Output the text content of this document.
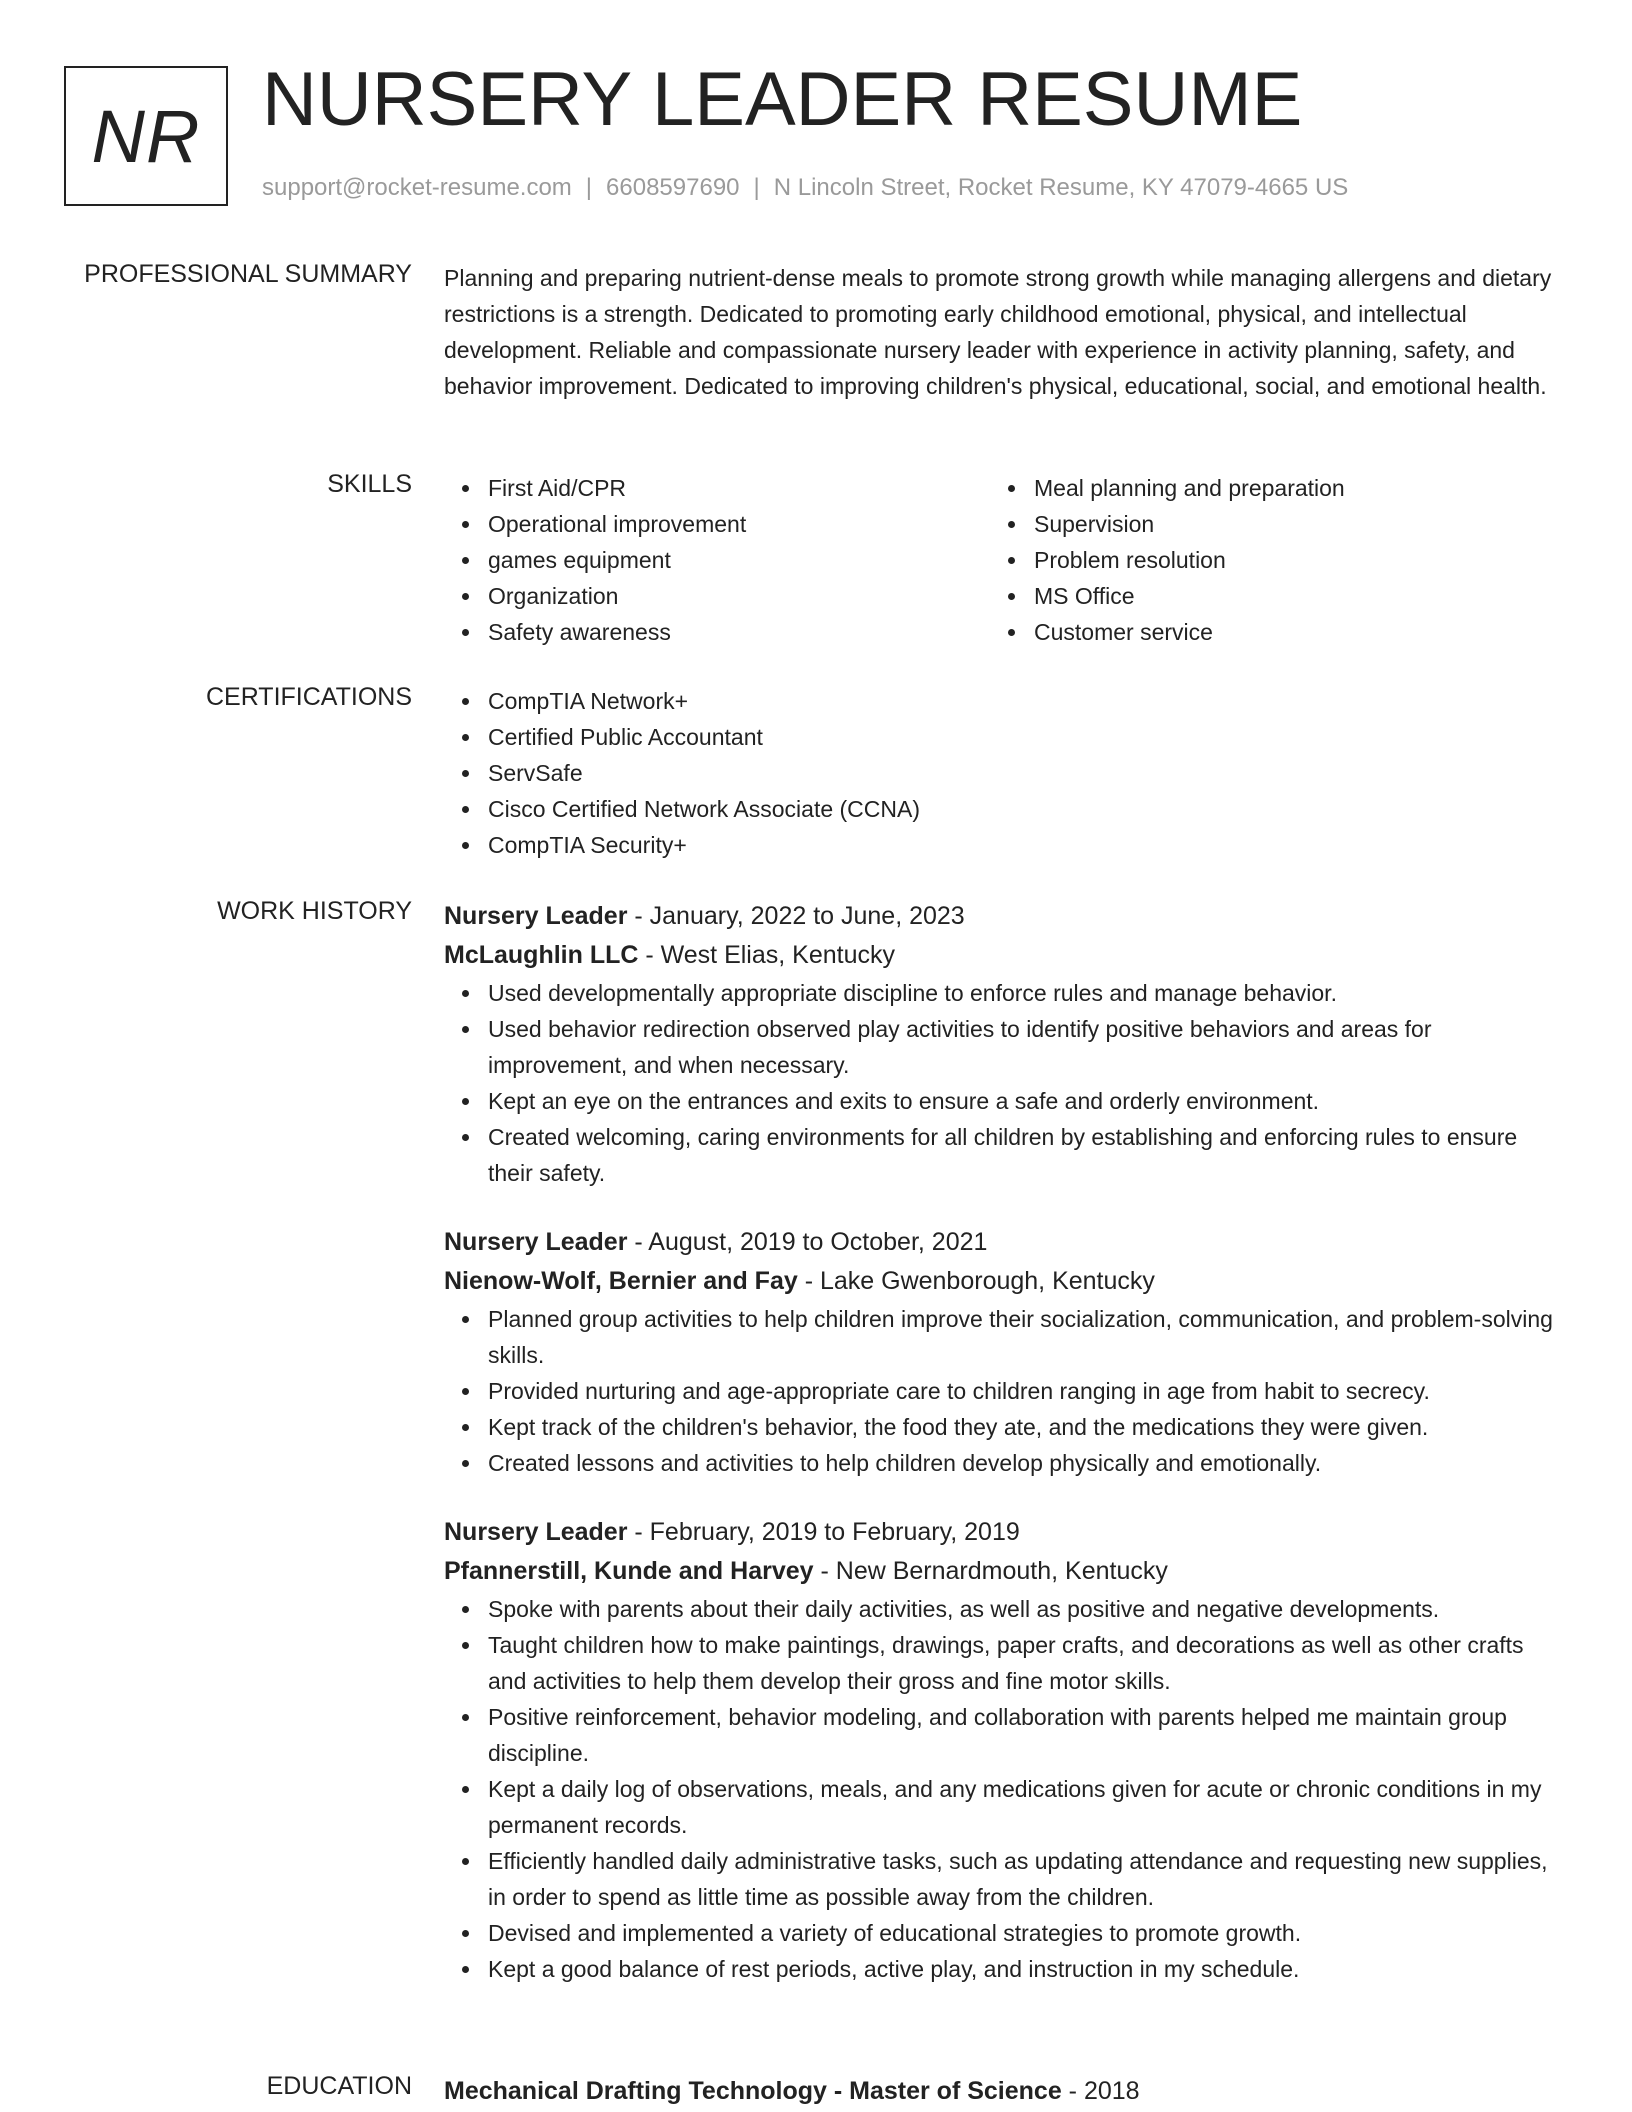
NR NURSERY LEADER RESUME
support@rocket-resume.com | 6608597690 | N Lincoln Street, Rocket Resume, KY 47079-4665 US
PROFESSIONAL SUMMARY Planning and preparing nutrient-dense meals to promote strong growth while managing allergens and dietary restrictions is a strength. Dedicated to promoting early childhood emotional, physical, and intellectual development. Reliable and compassionate nursery leader with experience in activity planning, safety, and behavior improvement. Dedicated to improving children's physical, educational, social, and emotional health.

SKILLS	First Aid/CPR
Operational improvement
games equipment
Organization
Safety awareness
Meal planning and preparation
Supervision
Problem resolution
MS Office
Customer service
CERTIFICATIONS	CompTIA Network+
Certified Public Accountant
ServSafe
Cisco Certified Network Associate (CCNA)
CompTIA Security+
WORK HISTORY Nursery Leader - January, 2022 to June, 2023
McLaughlin LLC - West Elias, Kentucky
Used developmentally appropriate discipline to enforce rules and manage behavior.
Used behavior redirection observed play activities to identify positive behaviors and areas for improvement, and when necessary.
Kept an eye on the entrances and exits to ensure a safe and orderly environment.
Created welcoming, caring environments for all children by establishing and enforcing rules to ensure their safety.
Nursery Leader - August, 2019 to October, 2021
Nienow-Wolf, Bernier and Fay - Lake Gwenborough, Kentucky
Planned group activities to help children improve their socialization, communication, and problem-solving skills.
Provided nurturing and age-appropriate care to children ranging in age from habit to secrecy.
Kept track of the children's behavior, the food they ate, and the medications they were given.
Created lessons and activities to help children develop physically and emotionally.
Nursery Leader - February, 2019 to February, 2019
Pfannerstill, Kunde and Harvey - New Bernardmouth, Kentucky
Spoke with parents about their daily activities, as well as positive and negative developments.
Taught children how to make paintings, drawings, paper crafts, and decorations as well as other crafts and activities to help them develop their gross and fine motor skills.
Positive reinforcement, behavior modeling, and collaboration with parents helped me maintain group discipline.
Kept a daily log of observations, meals, and any medications given for acute or chronic conditions in my permanent records.
Efficiently handled daily administrative tasks, such as updating attendance and requesting new supplies, in order to spend as little time as possible away from the children.
Devised and implemented a variety of educational strategies to promote growth.
Kept a good balance of rest periods, active play, and instruction in my schedule.
EDUCATION Mechanical Drafting Technology - Master of Science - 2018
